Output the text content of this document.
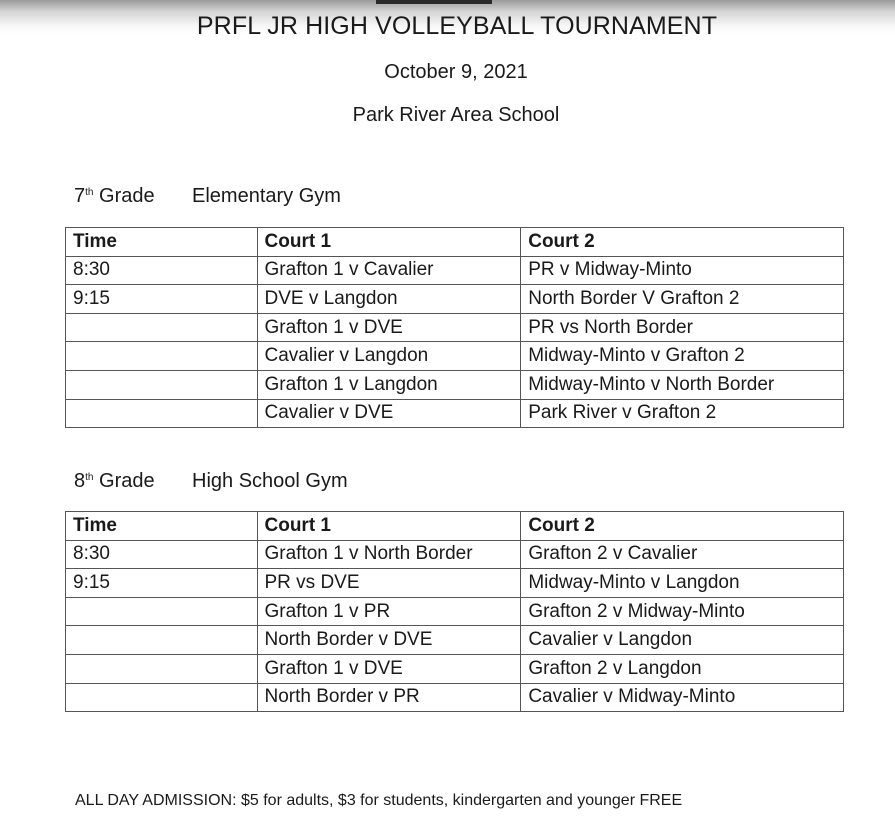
PRFL JR HIGH VOLLEYBALL TOURNAMENT
October 9, 2021
Park River Area School
7th Grade Elementary Gym
Time	Court 1	Court 2
8:30	Grafton 1 v Cavalier	PR v Midway-Minto
9:15	DVE v Langdon	North Border V Grafton 2
	Grafton 1 v DVE	PR vs North Border
	Cavalier v Langdon	Midway-Minto v Grafton 2
	Grafton 1 v Langdon	Midway-Minto v North Border
	Cavalier v DVE	Park River v Grafton 2
8th Grade High School Gym
Time	Court 1	Court 2
8:30	Grafton 1 v North Border	Grafton 2 v Cavalier
9:15	PR vs DVE	Midway-Minto v Langdon
	Grafton 1 v PR	Grafton 2 v Midway-Minto
	North Border v DVE	Cavalier v Langdon
	Grafton 1 v DVE	Grafton 2 v Langdon
	North Border v PR	Cavalier v Midway-Minto
ALL DAY ADMISSION: $5 for adults, $3 for students, kindergarten and younger FREE
